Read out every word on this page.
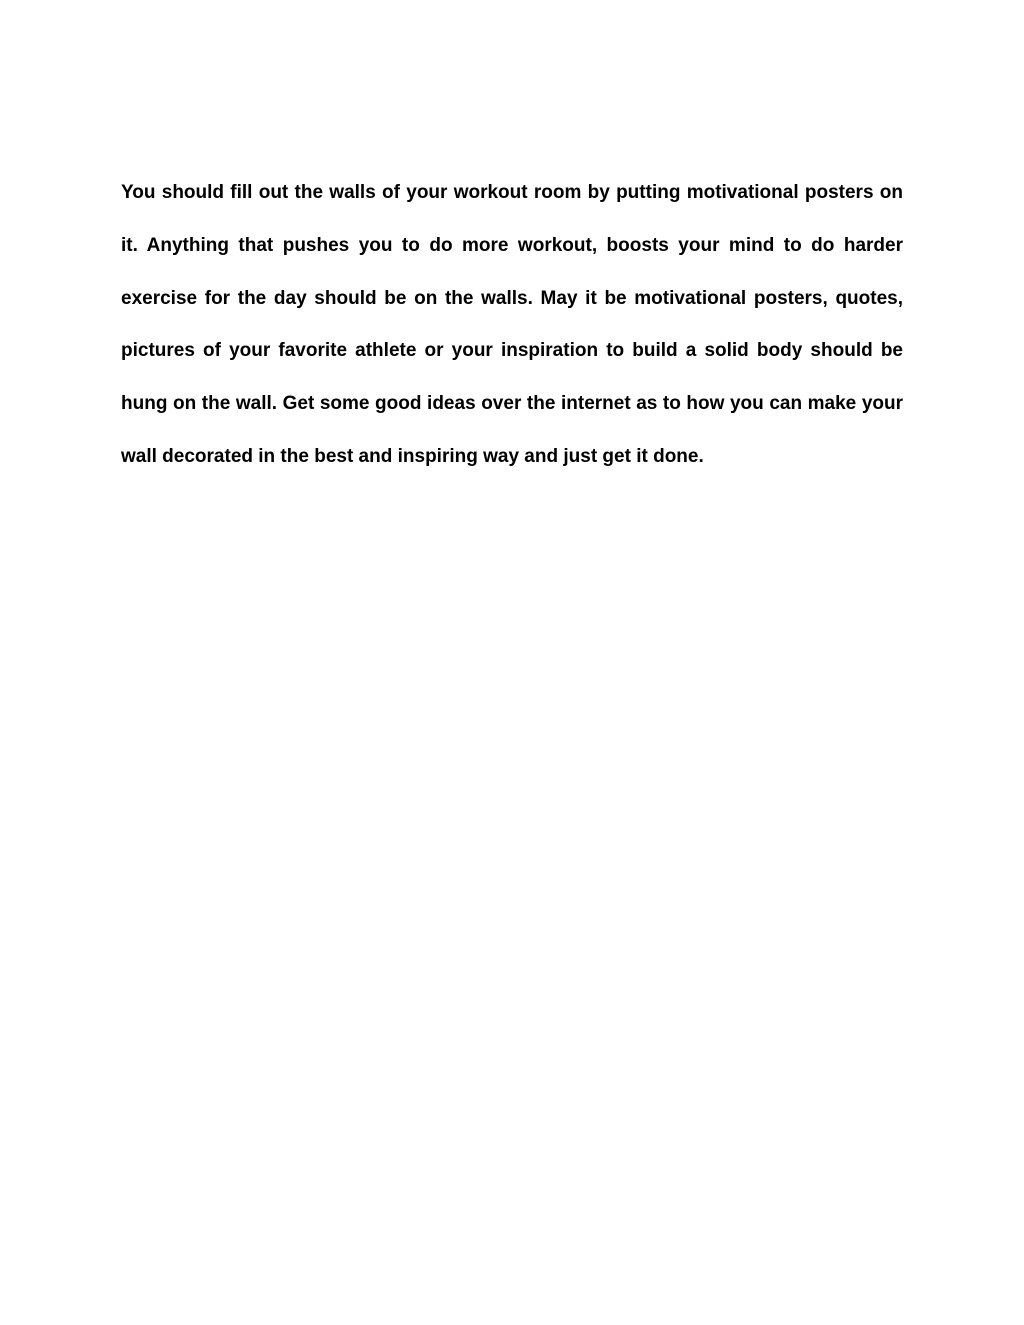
You should fill out the walls of your workout room by putting motivational posters on it. Anything that pushes you to do more workout, boosts your mind to do harder exercise for the day should be on the walls. May it be motivational posters, quotes, pictures of your favorite athlete or your inspiration to build a solid body should be hung on the wall. Get some good ideas over the internet as to how you can make your wall decorated in the best and inspiring way and just get it done.
